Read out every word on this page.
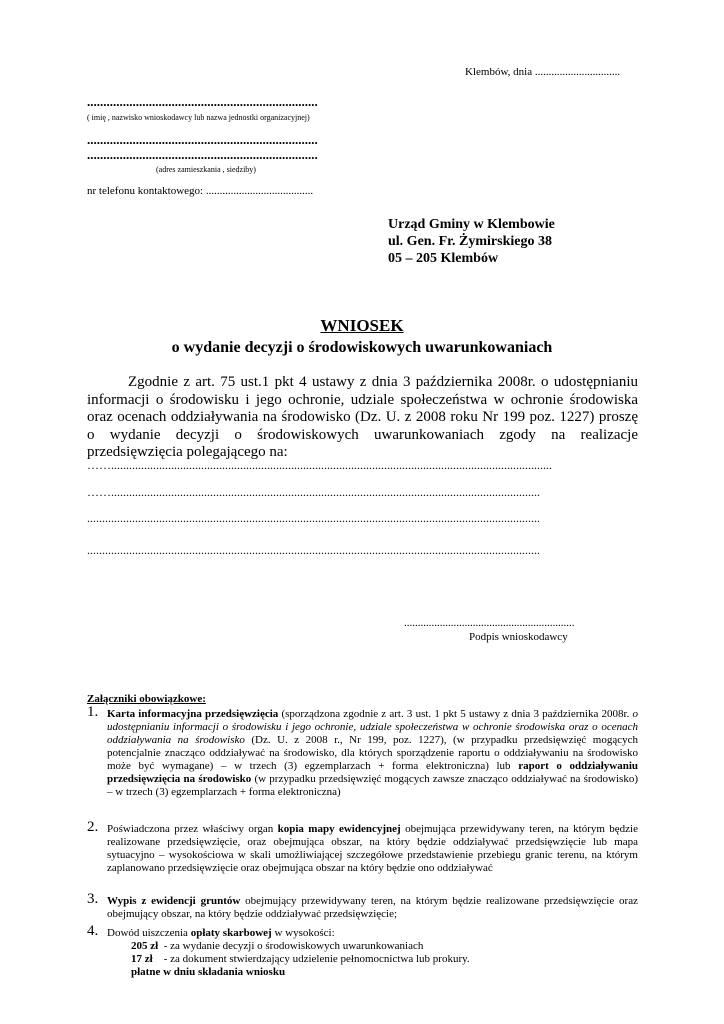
Klembów, dnia ...............................
.......................................................................
( imię , nazwisko wnioskodawcy lub nazwa jednostki organizacyjnej)
.......................................................................
.......................................................................
(adres zamieszkania , siedziby)
nr telefonu kontaktowego: .......................................
Urząd Gminy w Klembowie
ul. Gen. Fr. Żymirskiego 38
05 – 205 Klembów
WNIOSEK
o wydanie decyzji o środowiskowych uwarunkowaniach
Zgodnie z art. 75 ust.1 pkt 4 ustawy z dnia 3 października 2008r. o udostępnianiu informacji o środowisku i jego ochronie, udziale społeczeństwa w ochronie środowiska oraz ocenach oddziaływania na środowisko (Dz. U. z 2008 roku Nr 199 poz. 1227) proszę o wydanie decyzji o środowiskowych uwarunkowaniach zgody na realizacje przedsięwzięcia polegającego na:
……...................................................................................................................................................
……...............................................................................................................................................
.......................................................................................................................................................
.......................................................................................................................................................
..............................................................
Podpis wnioskodawcy
Załączniki obowiązkowe:
1. Karta informacyjna przedsięwzięcia (sporządzona zgodnie z art. 3 ust. 1 pkt 5 ustawy z dnia 3 października 2008r. o udostępnianiu informacji o środowisku i jego ochronie, udziale społeczeństwa w ochronie środowiska oraz o ocenach oddziaływania na środowisko (Dz. U. z 2008 r., Nr 199, poz. 1227), (w przypadku przedsięwzięć mogących potencjalnie znacząco oddziaływać na środowisko, dla których sporządzenie raportu o oddziaływaniu na środowisko może być wymagane) – w trzech (3) egzemplarzach + forma elektroniczna) lub raport o oddziaływaniu przedsięwzięcia na środowisko (w przypadku przedsięwzięć mogących zawsze znacząco oddziaływać na środowisko) – w trzech (3) egzemplarzach + forma elektroniczna)
2. Poświadczona przez właściwy organ kopia mapy ewidencyjnej obejmująca przewidywany teren, na którym będzie realizowane przedsięwzięcie, oraz obejmująca obszar, na który będzie oddziaływać przedsięwzięcie lub mapa sytuacyjno – wysokościowa w skali umożliwiającej szczegółowe przedstawienie przebiegu granic terenu, na którym zaplanowano przedsięwzięcie oraz obejmująca obszar na który będzie ono oddziaływać
3. Wypis z ewidencji gruntów obejmujący przewidywany teren, na którym będzie realizowane przedsięwzięcie oraz obejmujący obszar, na który będzie oddziaływać przedsięwzięcie;
4. Dowód uiszczenia opłaty skarbowej w wysokości:
205 zł  - za wydanie decyzji o środowiskowych uwarunkowaniach
17 zł    - za dokument stwierdzający udzielenie pełnomocnictwa lub prokury.
płatne w dniu składania wniosku
